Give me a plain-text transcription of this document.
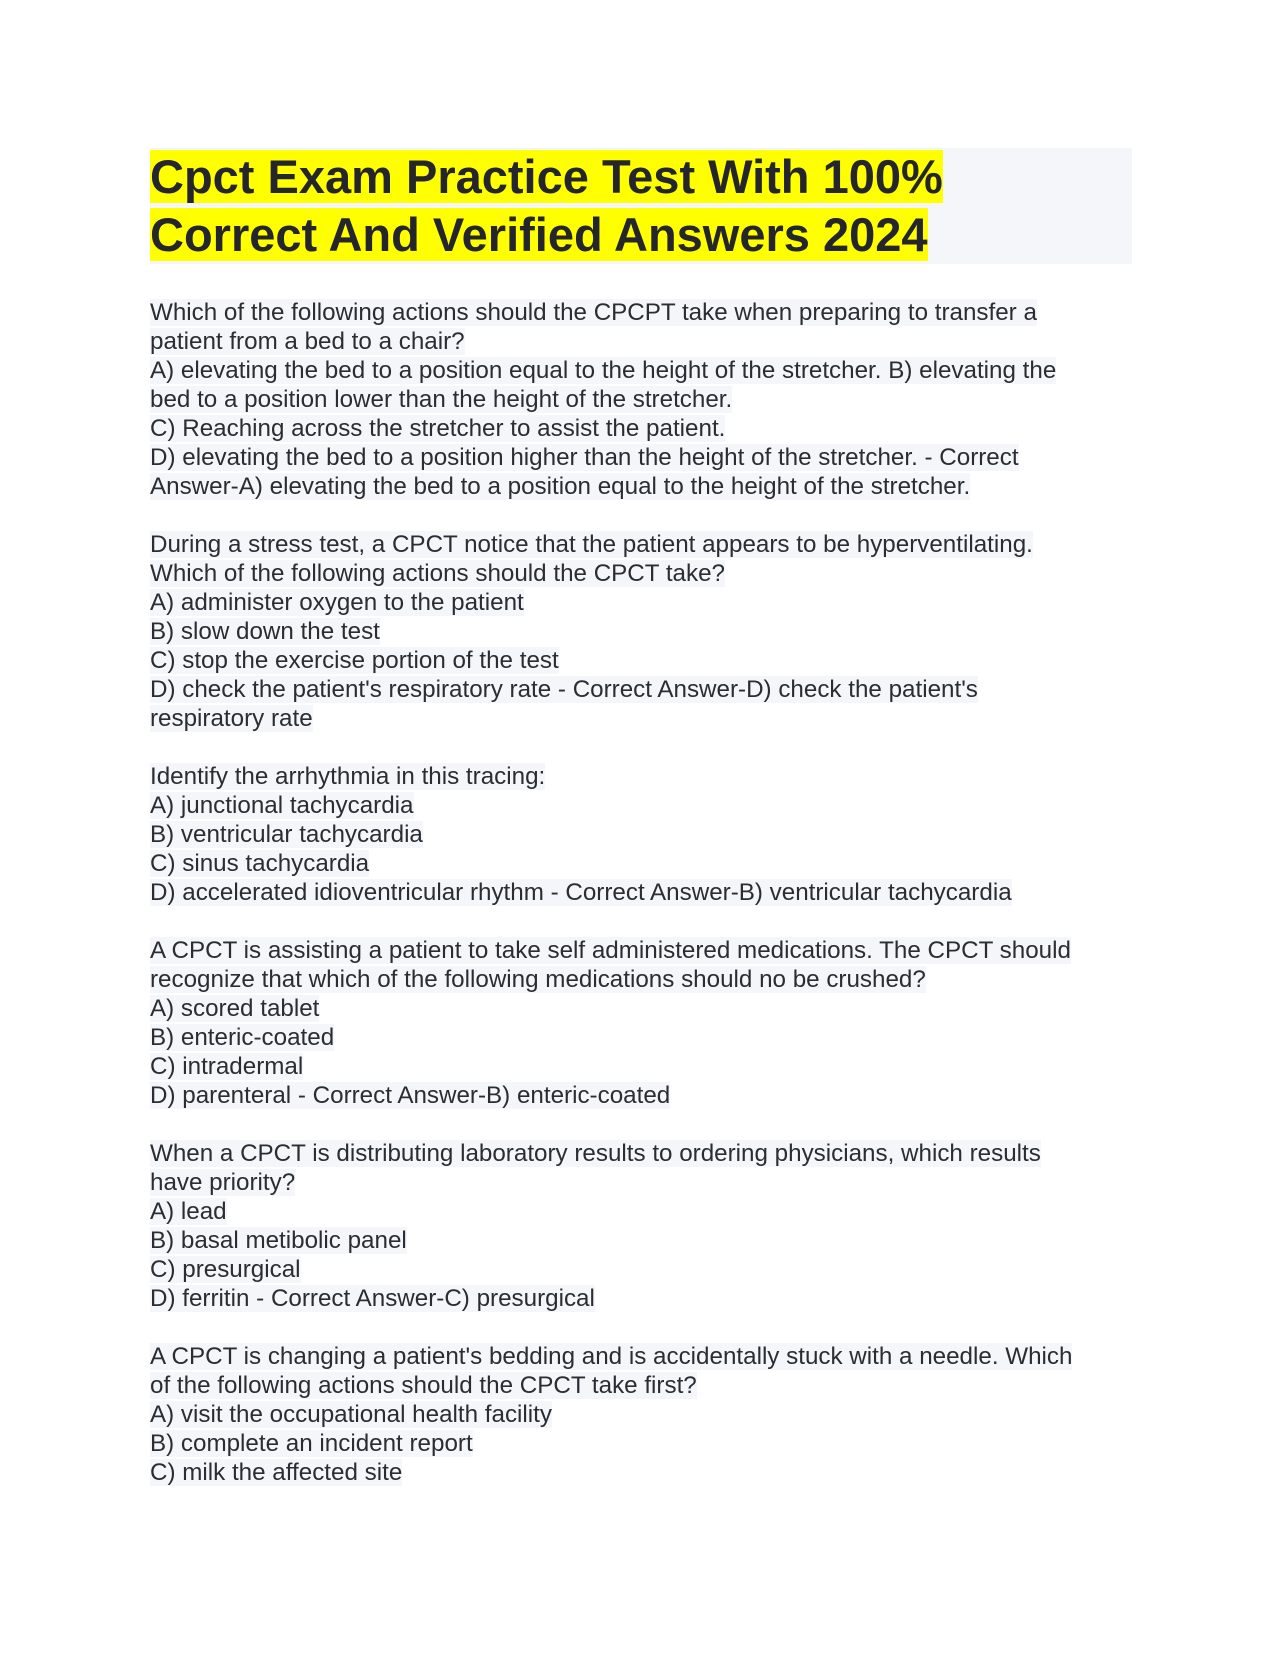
Cpct Exam Practice Test With 100%
Correct And Verified Answers 2024
Which of the following actions should the CPCPT take when preparing to transfer a
patient from a bed to a chair?
A) elevating the bed to a position equal to the height of the stretcher. B) elevating the
bed to a position lower than the height of the stretcher.
C) Reaching across the stretcher to assist the patient.
D) elevating the bed to a position higher than the height of the stretcher. - Correct
Answer-A) elevating the bed to a position equal to the height of the stretcher.
During a stress test, a CPCT notice that the patient appears to be hyperventilating.
Which of the following actions should the CPCT take?
A) administer oxygen to the patient
B) slow down the test
C) stop the exercise portion of the test
D) check the patient's respiratory rate - Correct Answer-D) check the patient's
respiratory rate
Identify the arrhythmia in this tracing:
A) junctional tachycardia
B) ventricular tachycardia
C) sinus tachycardia
D) accelerated idioventricular rhythm - Correct Answer-B) ventricular tachycardia
A CPCT is assisting a patient to take self administered medications. The CPCT should
recognize that which of the following medications should no be crushed?
A) scored tablet
B) enteric-coated
C) intradermal
D) parenteral - Correct Answer-B) enteric-coated
When a CPCT is distributing laboratory results to ordering physicians, which results
have priority?
A) lead
B) basal metibolic panel
C) presurgical
D) ferritin - Correct Answer-C) presurgical
A CPCT is changing a patient's bedding and is accidentally stuck with a needle. Which
of the following actions should the CPCT take first?
A) visit the occupational health facility
B) complete an incident report
C) milk the affected site
